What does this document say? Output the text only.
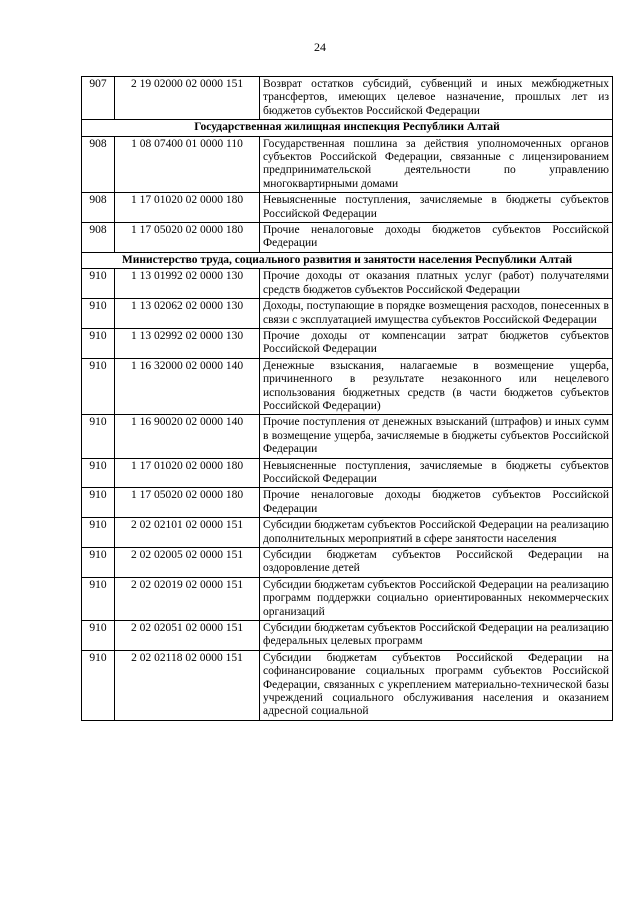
24
907	2 19 02000 02 0000 151	Возврат остатков субсидий, субвенций и иных межбюджетных трансфертов, имеющих целевое назначение, прошлых лет из бюджетов субъектов Российской Федерации
Государственная жилищная инспекция Республики Алтай		
908	1 08 07400 01 0000 110	Государственная пошлина за действия уполномоченных органов субъектов Российской Федерации, связанные с лицензированием предпринимательской деятельности по управлению многоквартирными домами
908	1 17 01020 02 0000 180	Невыясненные поступления, зачисляемые в бюджеты субъектов Российской Федерации
908	1 17 05020 02 0000 180	Прочие неналоговые доходы бюджетов субъектов Российской Федерации
Министерство труда, социального развития и занятости населения Республики Алтай		
910	1 13 01992 02 0000 130	Прочие доходы от оказания платных услуг (работ) получателями средств бюджетов субъектов Российской Федерации
910	1 13 02062 02 0000 130	Доходы, поступающие в порядке возмещения расходов, понесенных в связи с эксплуатацией имущества субъектов Российской Федерации
910	1 13 02992 02 0000 130	Прочие доходы от компенсации затрат бюджетов субъектов Российской Федерации
910	1 16 32000 02 0000 140	Денежные взыскания, налагаемые в возмещение ущерба, причиненного в результате незаконного или нецелевого использования бюджетных средств (в части бюджетов субъектов Российской Федерации)
910	1 16 90020 02 0000 140	Прочие поступления от денежных взысканий (штрафов) и иных сумм в возмещение ущерба, зачисляемые в бюджеты субъектов Российской Федерации
910	1 17 01020 02 0000 180	Невыясненные поступления, зачисляемые в бюджеты субъектов Российской Федерации
910	1 17 05020 02 0000 180	Прочие неналоговые доходы бюджетов субъектов Российской Федерации
910	2 02 02101 02 0000 151	Субсидии бюджетам субъектов Российской Федерации на реализацию дополнительных мероприятий в сфере занятости населения
910	2 02 02005 02 0000 151	Субсидии бюджетам субъектов Российской Федерации на оздоровление детей
910	2 02 02019 02 0000 151	Субсидии бюджетам субъектов Российской Федерации на реализацию программ поддержки социально ориентированных некоммерческих организаций
910	2 02 02051 02 0000 151	Субсидии бюджетам субъектов Российской Федерации на реализацию федеральных целевых программ
910	2 02 02118 02 0000 151	Субсидии бюджетам субъектов Российской Федерации на софинансирование социальных программ субъектов Российской Федерации, связанных с укреплением материально-технической базы учреждений социального обслуживания населения и оказанием адресной социальной
